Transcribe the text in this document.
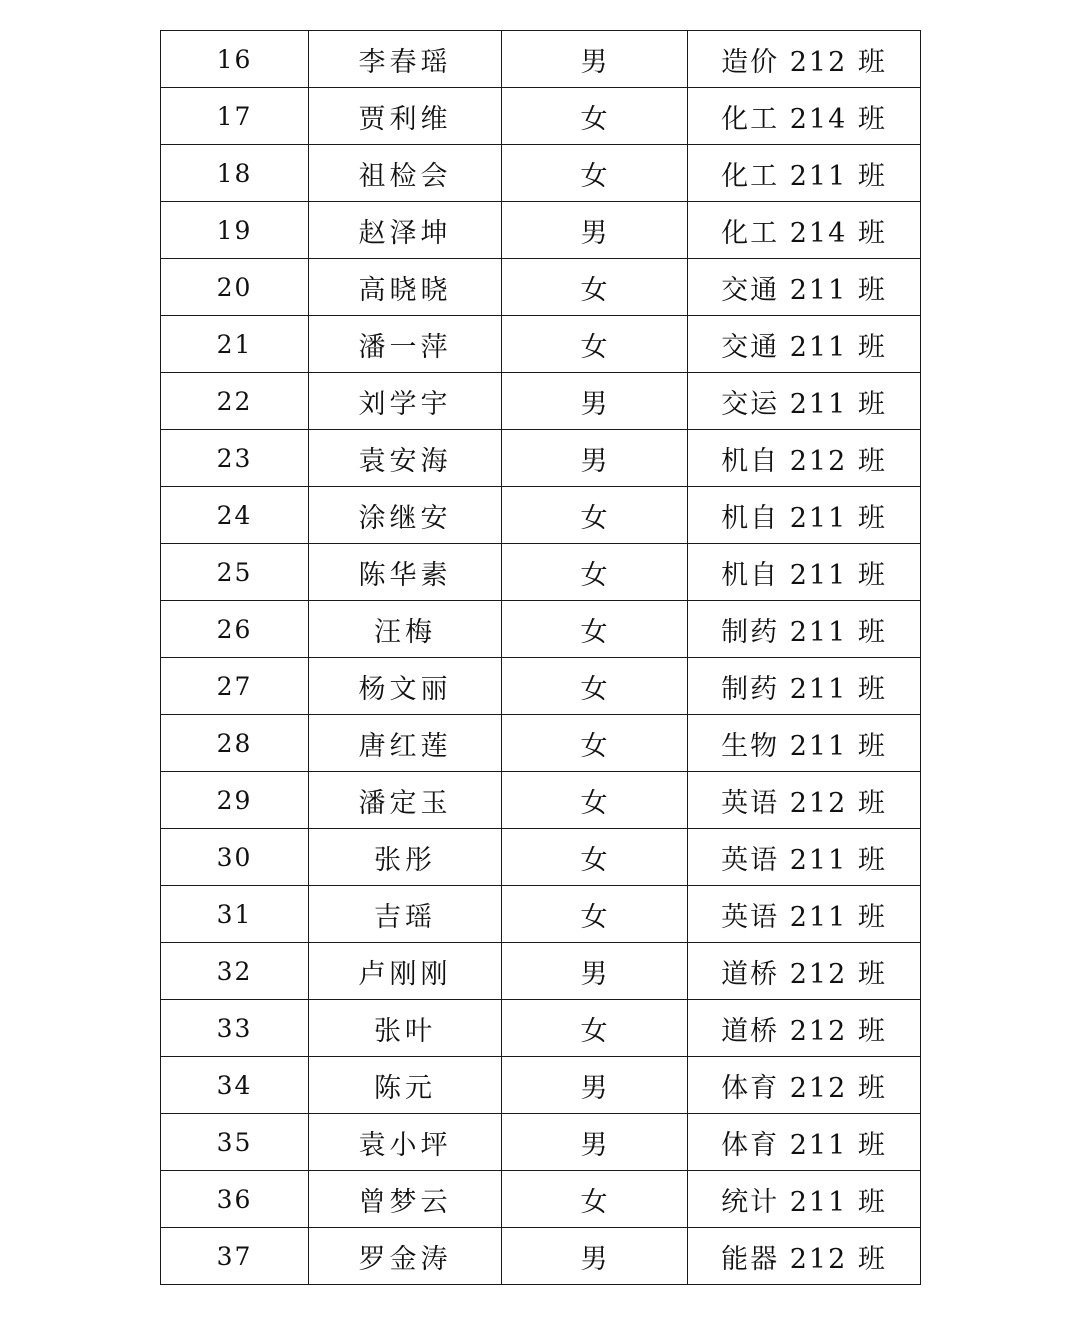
16	李春瑶	男	造价 212 班
17	贾利维	女	化工 214 班
18	祖检会	女	化工 211 班
19	赵泽坤	男	化工 214 班
20	高晓晓	女	交通 211 班
21	潘一萍	女	交通 211 班
22	刘学宇	男	交运 211 班
23	袁安海	男	机自 212 班
24	涂继安	女	机自 211 班
25	陈华素	女	机自 211 班
26	汪梅	女	制药 211 班
27	杨文丽	女	制药 211 班
28	唐红莲	女	生物 211 班
29	潘定玉	女	英语 212 班
30	张彤	女	英语 211 班
31	吉瑶	女	英语 211 班
32	卢刚刚	男	道桥 212 班
33	张叶	女	道桥 212 班
34	陈元	男	体育 212 班
35	袁小坪	男	体育 211 班
36	曾梦云	女	统计 211 班
37	罗金涛	男	能器 212 班
